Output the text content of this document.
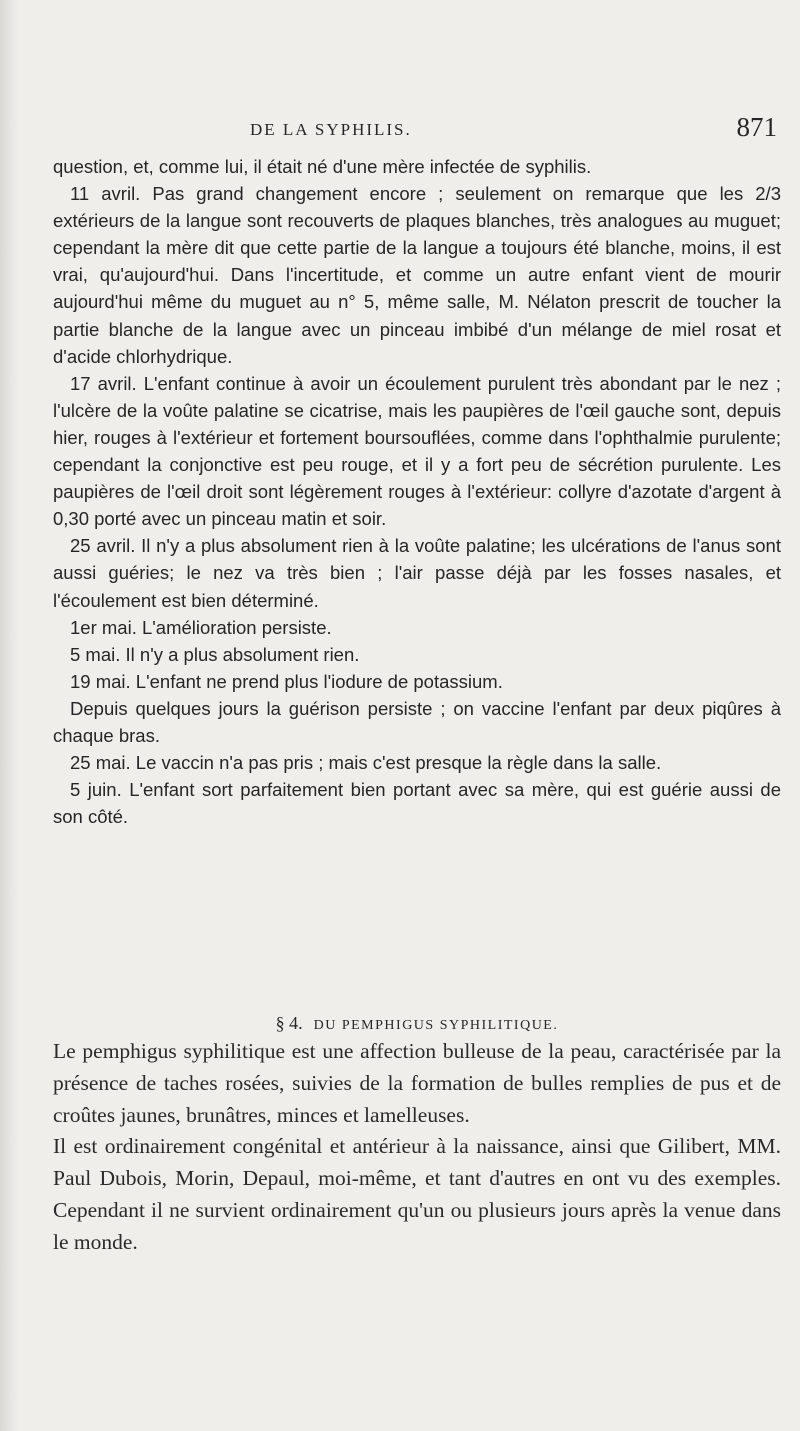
DE LA SYPHILIS.	871

question, et, comme lui, il était né d'une mère infectée de syphilis.

11 avril. Pas grand changement encore ; seulement on remarque que les 2/3 extérieurs de la langue sont recouverts de plaques blanches, très analogues au muguet; cependant la mère dit que cette partie de la langue a toujours été blanche, moins, il est vrai, qu'aujourd'hui. Dans l'incertitude, et comme un autre enfant vient de mourir aujourd'hui même du muguet au n° 5, même salle, M. Nélaton prescrit de toucher la partie blanche de la langue avec un pinceau imbibé d'un mélange de miel rosat et d'acide chlorhydrique.

17 avril. L'enfant continue à avoir un écoulement purulent très abondant par le nez ; l'ulcère de la voûte palatine se cicatrise, mais les paupières de l'œil gauche sont, depuis hier, rouges à l'extérieur et fortement boursouflées, comme dans l'ophthalmie purulente; cependant la conjonctive est peu rouge, et il y a fort peu de sécrétion purulente. Les paupières de l'œil droit sont légèrement rouges à l'extérieur: collyre d'azotate d'argent à 0,30 porté avec un pinceau matin et soir.

25 avril. Il n'y a plus absolument rien à la voûte palatine; les ulcérations de l'anus sont aussi guéries; le nez va très bien ; l'air passe déjà par les fosses nasales, et l'écoulement est bien déterminé.

1er mai. L'amélioration persiste.

5 mai. Il n'y a plus absolument rien.

19 mai. L'enfant ne prend plus l'iodure de potassium.

Depuis quelques jours la guérison persiste ; on vaccine l'enfant par deux piqûres à chaque bras.

25 mai. Le vaccin n'a pas pris ; mais c'est presque la règle dans la salle.

5 juin. L'enfant sort parfaitement bien portant avec sa mère, qui est guérie aussi de son côté.

§ 4. DU PEMPHIGUS SYPHILITIQUE.

Le pemphigus syphilitique est une affection bulleuse de la peau, caractérisée par la présence de taches rosées, suivies de la formation de bulles remplies de pus et de croûtes jaunes, brunâtres, minces et lamelleuses.

Il est ordinairement congénital et antérieur à la naissance, ainsi que Gilibert, MM. Paul Dubois, Morin, Depaul, moi-même, et tant d'autres en ont vu des exemples. Cependant il ne survient ordinairement qu'un ou plusieurs jours après la venue dans le monde.
